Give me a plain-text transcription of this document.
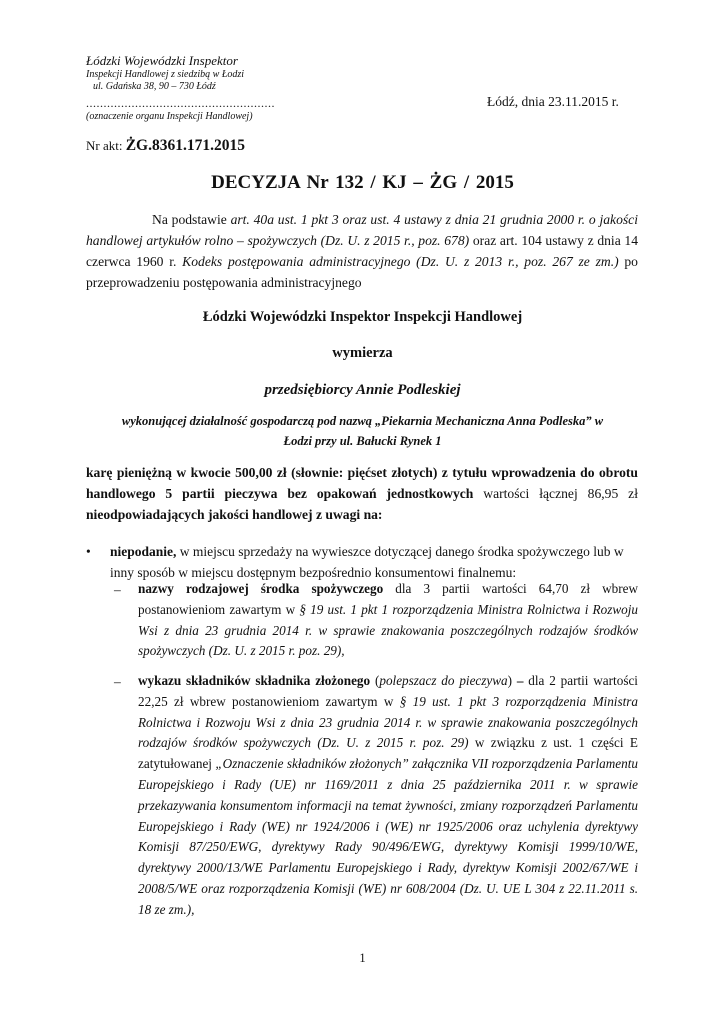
Łódzki Wojewódzki Inspektor
Inspekcji Handlowej z siedzibą w Łodzi
ul. Gdańska 38, 90 – 730 Łódź
......................................................
(oznaczenie organu Inspekcji Handlowej)
Łódź, dnia 23.11.2015 r.
Nr akt: ŻG.8361.171.2015
DECYZJA Nr 132 / KJ – ŻG / 2015
Na podstawie art. 40a ust. 1 pkt 3 oraz ust. 4 ustawy z dnia 21 grudnia 2000 r. o jakości handlowej artykułów rolno – spożywczych (Dz. U. z 2015 r., poz. 678) oraz art. 104 ustawy z dnia 14 czerwca 1960 r. Kodeks postępowania administracyjnego (Dz. U. z 2013 r., poz. 267 ze zm.) po przeprowadzeniu postępowania administracyjnego
Łódzki Wojewódzki Inspektor Inspekcji Handlowej
wymierza
przedsiębiorcy Annie Podleskiej
wykonującej działalność gospodarczą pod nazwą „Piekarnia Mechaniczna Anna Podleska” w Łodzi przy ul. Bałucki Rynek 1
karę pieniężną w kwocie 500,00 zł (słownie: pięćset złotych) z tytułu wprowadzenia do obrotu handlowego 5 partii pieczywa bez opakowań jednostkowych wartości łącznej 86,95 zł nieodpowiadających jakości handlowej z uwagi na:
• niepodanie, w miejscu sprzedaży na wywieszce dotyczącej danego środka spożywczego lub w inny sposób w miejscu dostępnym bezpośrednio konsumentowi finalnemu:
– nazwy rodzajowej środka spożywczego dla 3 partii wartości 64,70 zł wbrew postanowieniom zawartym w § 19 ust. 1 pkt 1 rozporządzenia Ministra Rolnictwa i Rozwoju Wsi z dnia 23 grudnia 2014 r. w sprawie znakowania poszczególnych rodzajów środków spożywczych (Dz. U. z 2015 r. poz. 29),
– wykazu składników składnika złożonego (polepszacz do pieczywa) – dla 2 partii wartości 22,25 zł wbrew postanowieniom zawartym w § 19 ust. 1 pkt 3 rozporządzenia Ministra Rolnictwa i Rozwoju Wsi z dnia 23 grudnia 2014 r. w sprawie znakowania poszczególnych rodzajów środków spożywczych (Dz. U. z 2015 r. poz. 29) w związku z ust. 1 części E zatytułowanej „Oznaczenie składników złożonych” załącznika VII rozporządzenia Parlamentu Europejskiego i Rady (UE) nr 1169/2011 z dnia 25 października 2011 r. w sprawie przekazywania konsumentom informacji na temat żywności, zmiany rozporządzeń Parlamentu Europejskiego i Rady (WE) nr 1924/2006 i (WE) nr 1925/2006 oraz uchylenia dyrektywy Komisji 87/250/EWG, dyrektywy Rady 90/496/EWG, dyrektywy Komisji 1999/10/WE, dyrektywy 2000/13/WE Parlamentu Europejskiego i Rady, dyrektyw Komisji 2002/67/WE i 2008/5/WE oraz rozporządzenia Komisji (WE) nr 608/2004 (Dz. U. UE L 304 z 22.11.2011 s. 18 ze zm.),
1
